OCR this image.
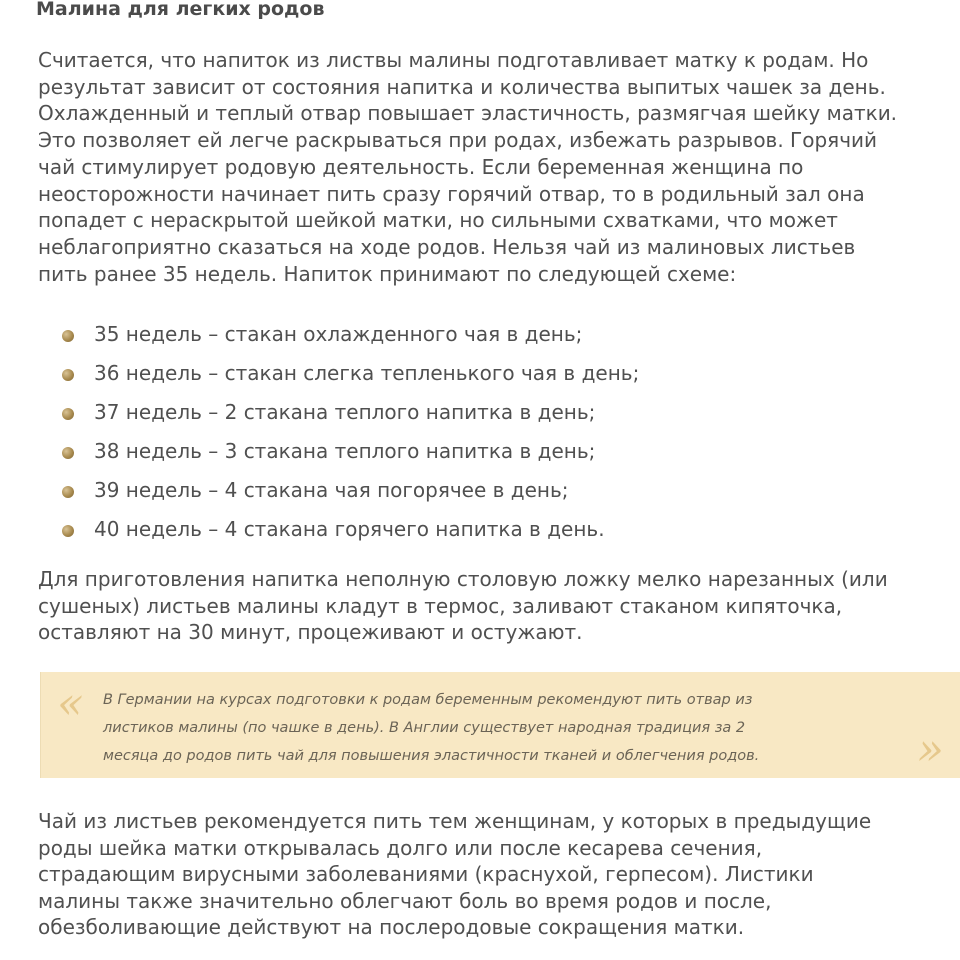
Малина для легких родов
Считается, что напиток из листвы малины подготавливает матку к родам. Но
результат зависит от состояния напитка и количества выпитых чашек за день.
Охлажденный и теплый отвар повышает эластичность, размягчая шейку матки.
Это позволяет ей легче раскрываться при родах, избежать разрывов. Горячий
чай стимулирует родовую деятельность. Если беременная женщина по
неосторожности начинает пить сразу горячий отвар, то в родильный зал она
попадет с нераскрытой шейкой матки, но сильными схватками, что может
неблагоприятно сказаться на ходе родов. Нельзя чай из малиновых листьев
пить ранее 35 недель. Напиток принимают по следующей схеме:
35 недель – стакан охлажденного чая в день;
36 недель – стакан слегка тепленького чая в день;
37 недель – 2 стакана теплого напитка в день;
38 недель – 3 стакана теплого напитка в день;
39 недель – 4 стакана чая погорячее в день;
40 недель – 4 стакана горячего напитка в день.
Для приготовления напитка неполную столовую ложку мелко нарезанных (или
сушеных) листьев малины кладут в термос, заливают стаканом кипяточка,
оставляют на 30 минут, процеживают и остужают.
« В Германии на курсах подготовки к родам беременным рекомендуют пить отвар из
листиков малины (по чашке в день). В Англии существует народная традиция за 2
месяца до родов пить чай для повышения эластичности тканей и облегчения родов.	»
Чай из листьев рекомендуется пить тем женщинам, у которых в предыдущие
роды шейка матки открывалась долго или после кесарева сечения,
страдающим вирусными заболеваниями (краснухой, герпесом). Листики
малины также значительно облегчают боль во время родов и после,
обезболивающие действуют на послеродовые сокращения матки.
